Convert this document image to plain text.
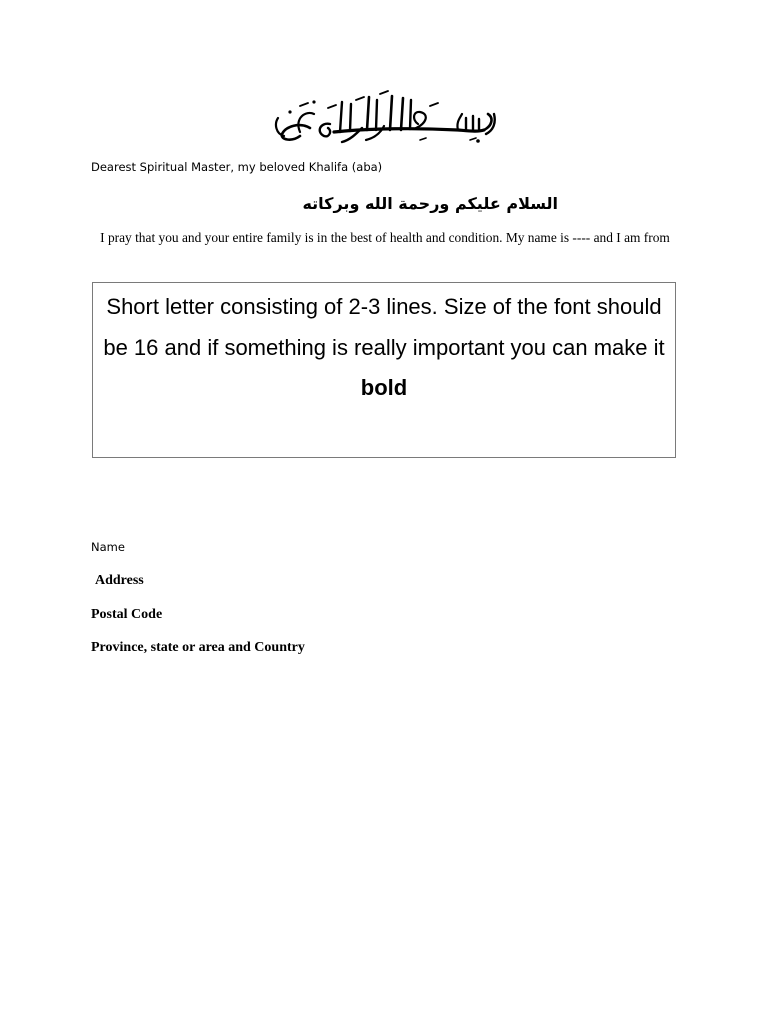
Dearest Spiritual Master, my beloved Khalifa (aba)
السلام عليكم ورحمة الله وبركاته
I pray that you and your entire family is in the best of health and condition. My name is ---- and I am from
Short letter consisting of 2-3 lines. Size of the font should be 16 and if something is really important you can make it bold
Name
Address
Postal Code
Province, state or area and Country
